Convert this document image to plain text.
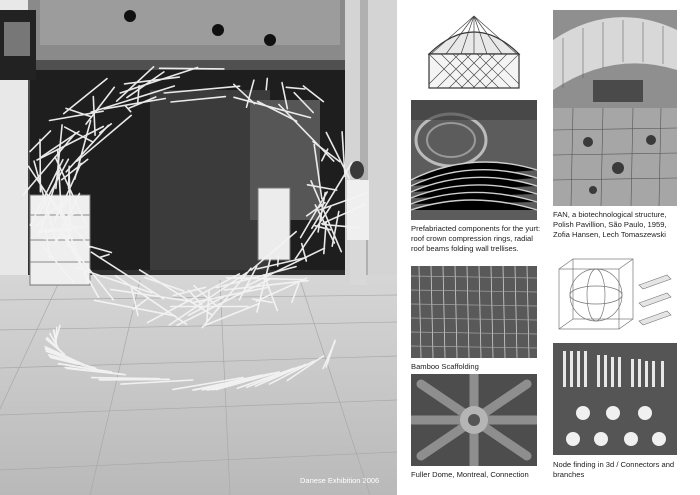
Danese Exhibition 2006

Prefabriacted components for the yurt: roof crown compression rings, radial roof beams folding wall trellises.

Bamboo Scaffolding

Fuller Dome, Montreal, Connection

FAN, a biotechnological structure, Polish Pavillion, São Paulo, 1959, Zofia Hansen, Lech Tomaszewski

Node finding in 3d / Connectors and branches
